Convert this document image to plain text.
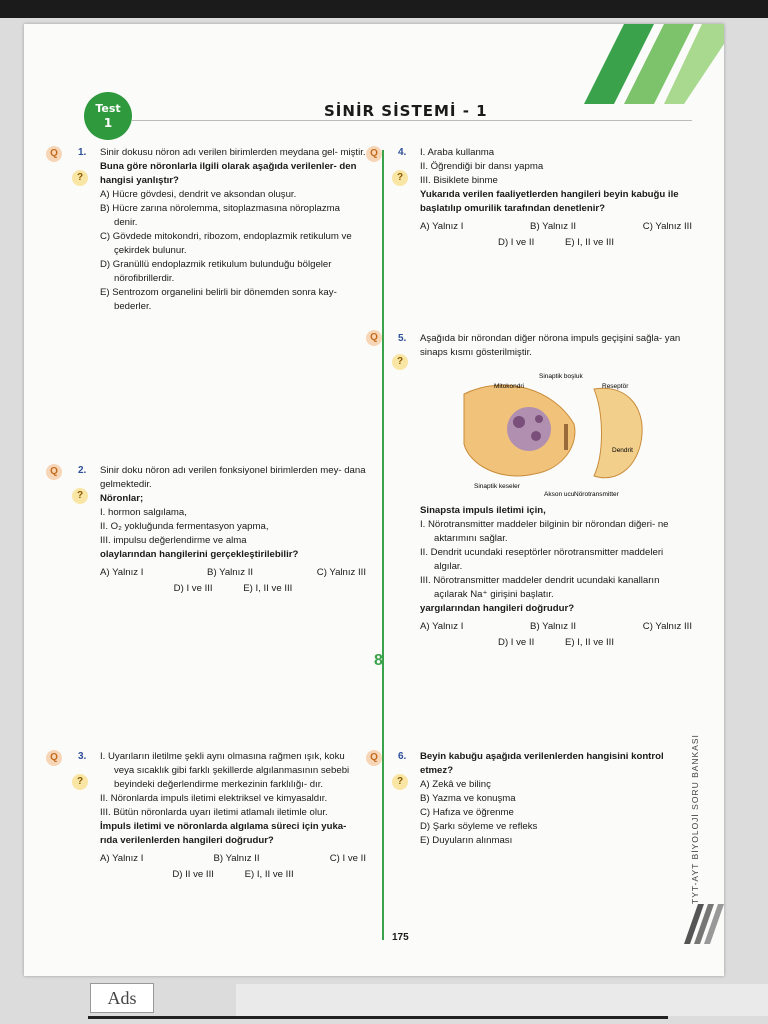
Test
1
SİNİR SİSTEMİ - 1
8
Q
?
1. Sinir dokusu nöron adı verilen birimlerden meydana gel- miştir.

Buna göre nöronlarla ilgili olarak aşağıda verilenler- den hangisi yanlıştır?

A) Hücre gövdesi, dendrit ve aksondan oluşur.

B) Hücre zarına nörolemma, sitoplazmasına nöroplazma denir.

C) Gövdede mitokondri, ribozom, endoplazmik retikulum ve çekirdek bulunur.

D) Granüllü endoplazmik retikulum bulunduğu bölgeler nörofibrillerdir.

E) Sentrozom organelini belirli bir dönemden sonra kay- bederler.

Q
?
2. Sinir doku nöron adı verilen fonksiyonel birimlerden mey- dana gelmektedir.

Nöronlar;

I. hormon salgılama,

II. O₂ yokluğunda fermentasyon yapma,

III. impulsu değerlendirme ve alma

olaylarından hangilerini gerçekleştirilebilir?

A) Yalnız I	B) Yalnız II	C) Yalnız III
D) I ve III	E) I, II ve III
Q
?
3. I. Uyarıların iletilme şekli aynı olmasına rağmen ışık, koku veya sıcaklık gibi farklı şekillerde algılanmasının sebebi beyindeki değerlendirme merkezinin farklılığı- dır.

II. Nöronlarda impuls iletimi elektriksel ve kimyasaldır.

III. Bütün nöronlarda uyarı iletimi atlamalı iletimle olur.

İmpuls iletimi ve nöronlarda algılama süreci için yuka- rıda verilenlerden hangileri doğrudur?

A) Yalnız I	B) Yalnız II	C) I ve II
D) II ve III	E) I, II ve III
Q
?
4. I. Araba kullanma

II. Öğrendiği bir dansı yapma

III. Bisiklete binme

Yukarıda verilen faaliyetlerden hangileri beyin kabuğu ile başlatılıp omurilik tarafından denetlenir?

A) Yalnız I	B) Yalnız II	C) Yalnız III
D) I ve II	E) I, II ve III
Q
?
5. Aşağıda bir nörondan diğer nörona impuls geçişini sağla- yan sinaps kısmı gösterilmiştir.

Mitokondri
Sinaptik boşluk
Reseptör
Dendrit
Sinaptik keseler
Akson ucu Nörotransmitter

Sinapsta impuls iletimi için,

I. Nörotransmitter maddeler bilginin bir nörondan diğeri- ne aktarımını sağlar.

II. Dendrit ucundaki reseptörler nörotransmitter maddeleri algılar.

III. Nörotransmitter maddeler dendrit ucundaki kanalların açılarak Na⁺ girişini başlatır.

yargılarından hangileri doğrudur?

A) Yalnız I	B) Yalnız II	C) Yalnız III
D) I ve II	E) I, II ve III
Q
?
6. Beyin kabuğu aşağıda verilenlerden hangisini kontrol etmez?

A) Zekâ ve bilinç

B) Yazma ve konuşma

C) Hafıza ve öğrenme

D) Şarkı söyleme ve refleks

E) Duyuların alınması	TYT-AYT BİYOLOJİ SORU BANKASI
175
Ads
